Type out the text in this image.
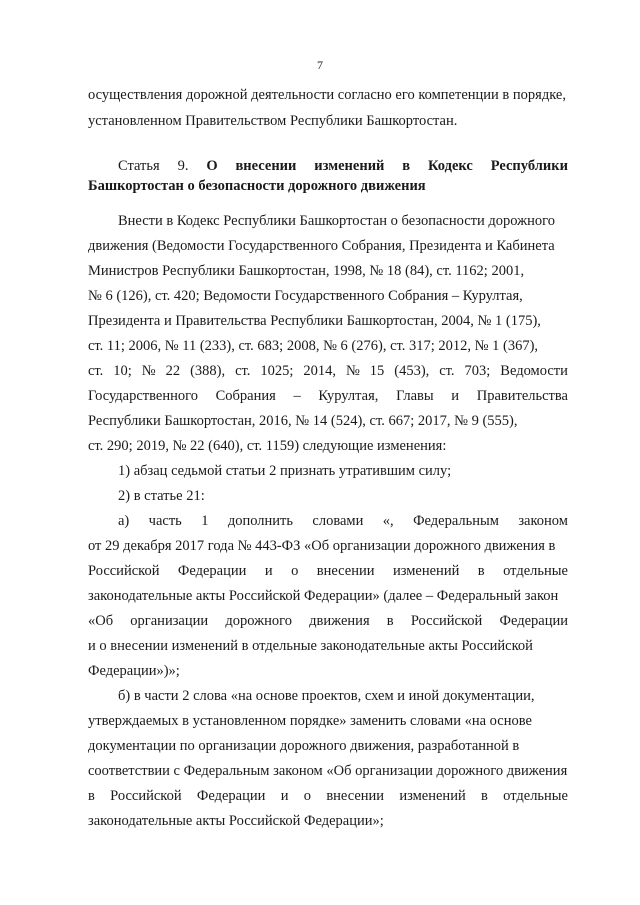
7
осуществления дорожной деятельности согласно его компетенции в порядке,
установленном Правительством Республики Башкортостан.
Статья 9. О внесении изменений в Кодекс Республики
Башкортостан о безопасности дорожного движения
Внести в Кодекс Республики Башкортостан о безопасности дорожного
движения (Ведомости Государственного Собрания, Президента и Кабинета
Министров Республики Башкортостан, 1998, № 18 (84), ст. 1162; 2001,
№ 6 (126), ст. 420; Ведомости Государственного Собрания – Курултая,
Президента и Правительства Республики Башкортостан, 2004, № 1 (175),
ст. 11; 2006, № 11 (233), ст. 683; 2008, № 6 (276), ст. 317; 2012, № 1 (367),
ст. 10; № 22 (388), ст. 1025; 2014, № 15 (453), ст. 703; Ведомости
Государственного Собрания – Курултая, Главы и Правительства
Республики Башкортостан, 2016, № 14 (524), ст. 667; 2017, № 9 (555),
ст. 290; 2019, № 22 (640), ст. 1159) следующие изменения:
1) абзац седьмой статьи 2 признать утратившим силу;
2) в статье 21:
а) часть 1 дополнить словами «, Федеральным законом
от 29 декабря 2017 года № 443-ФЗ «Об организации дорожного движения в
Российской Федерации и о внесении изменений в отдельные
законодательные акты Российской Федерации» (далее – Федеральный закон
«Об организации дорожного движения в Российской Федерации
и о внесении изменений в отдельные законодательные акты Российской
Федерации»)»;
б) в части 2 слова «на основе проектов, схем и иной документации,
утверждаемых в установленном порядке» заменить словами «на основе
документации по организации дорожного движения, разработанной в
соответствии с Федеральным законом «Об организации дорожного движения
в Российской Федерации и о внесении изменений в отдельные
законодательные акты Российской Федерации»;
